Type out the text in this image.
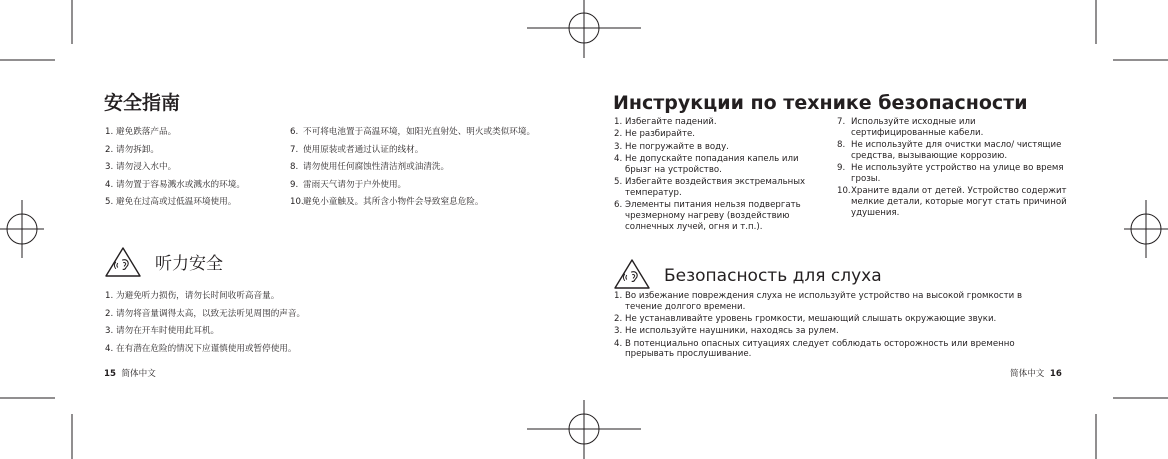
安全指南
1. 避免跌落产品。
2. 请勿拆卸。
3. 请勿浸入水中。
4. 请勿置于容易溅水或溅水的环境。
5. 避免在过高或过低温环境使用。
6. 不可将电池置于高温环境，如阳光直射处、明火或类似环境。
7. 使用原装或者通过认证的线材。
8. 请勿使用任何腐蚀性清洁剂或油清洗。
9. 雷雨天气请勿于户外使用。
10. 避免小童触及。其所含小物件会导致窒息危险。
听力安全
1. 为避免听力损伤，请勿长时间收听高音量。
2. 请勿将音量调得太高，以致无法听见周围的声音。
3. 请勿在开车时使用此耳机。
4. 在有潜在危险的情况下应谨慎使用或暂停使用。
15 简体中文
Инструкции по технике безопасности
1. Избегайте падений.
2. Не разбирайте.
3. Не погружайте в воду.
4. Не допускайте попадания капель или брызг на устройство.
5. Избегайте воздействия экстремальных температур.
6. Элементы питания нельзя подвергать чрезмерному нагреву (воздействию солнечных лучей, огня и т.п.).
7. Используйте исходные или сертифицированные кабели.
8. Не используйте для очистки масло/ чистящие средства, вызывающие коррозию.
9. Не используйте устройство на улице во время грозы.
10. Храните вдали от детей. Устройство содержит мелкие детали, которые могут стать причиной удушения.
Безопасность для слуха
1. Во избежание повреждения слуха не используйте устройство на высокой громкости в течение долгого времени.
2. Не устанавливайте уровень громкости, мешающий слышать окружающие звуки.
3. Не используйте наушники, находясь за рулем.
4. В потенциально опасных ситуациях следует соблюдать осторожность или временно прерывать прослушивание.
简体中文 16
